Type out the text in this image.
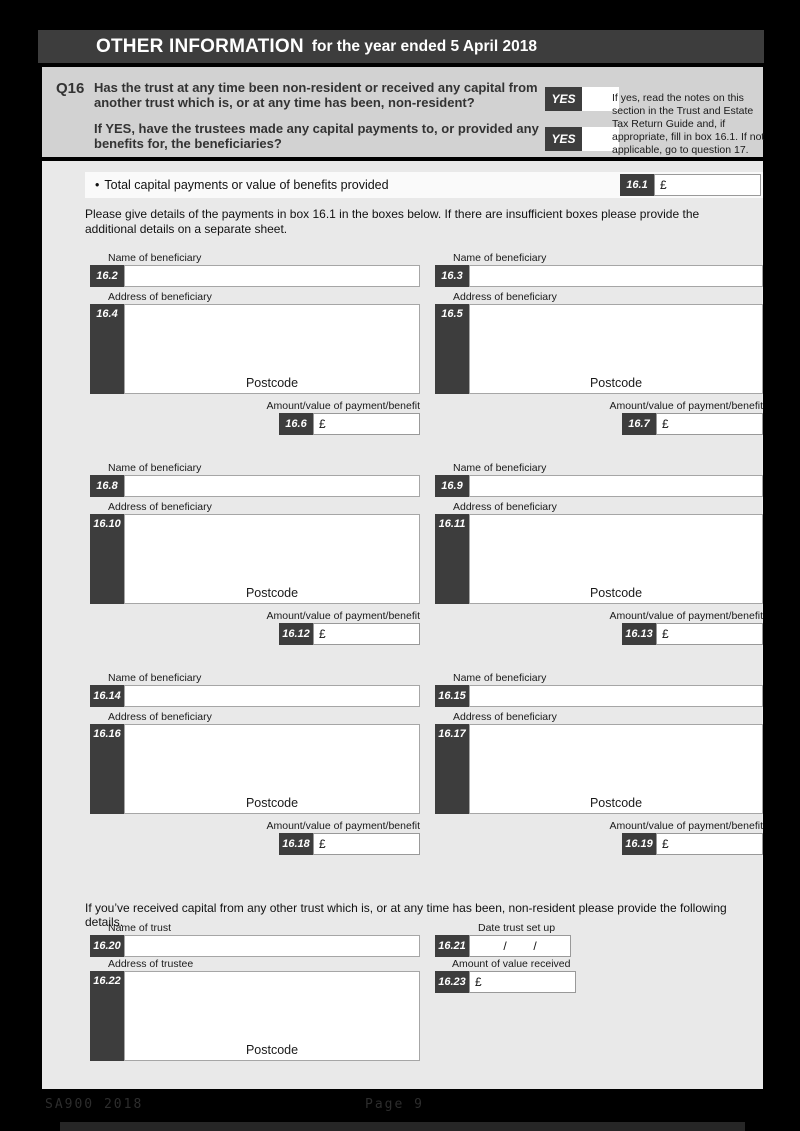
OTHER INFORMATION for the year ended 5 April 2018
Q16 Has the trust at any time been non-resident or received any capital from another trust which is, or at any time has been, non-resident?

If YES, have the trustees made any capital payments to, or provided any benefits for, the beneficiaries?

YES
YES
If yes, read the notes on this section in the Trust and Estate Tax Return Guide and, if appropriate, fill in box 16.1. If not applicable, go to question 17.
• Total capital payments or value of benefits provided	16.1	£
Please give details of the payments in box 16.1 in the boxes below. If there are insufficient boxes please provide the additional details on a separate sheet.
Name of beneficiary
16.2
Address of beneficiary
16.4
Postcode
Amount/value of payment/benefit
16.6	£
Name of beneficiary
16.3
Address of beneficiary
16.5
Postcode
Amount/value of payment/benefit
16.7	£
Name of beneficiary
16.8
Address of beneficiary
16.10
Postcode
Amount/value of payment/benefit
16.12 £
Name of beneficiary
16.9
Address of beneficiary
16.11
Postcode
Amount/value of payment/benefit
16.13 £
Name of beneficiary
16.14
Address of beneficiary
16.16
Postcode
Amount/value of payment/benefit
16.18 £
Name of beneficiary
16.15
Address of beneficiary
16.17
Postcode
Amount/value of payment/benefit
16.19 £
If you’ve received capital from any other trust which is, or at any time has been, non-resident please provide the following details.
Name of trust
16.20
Date trust set up
16.21	/        /
Address of trustee
16.22
Postcode
Amount of value received
16.23 £
SA900 2018	Page 9
